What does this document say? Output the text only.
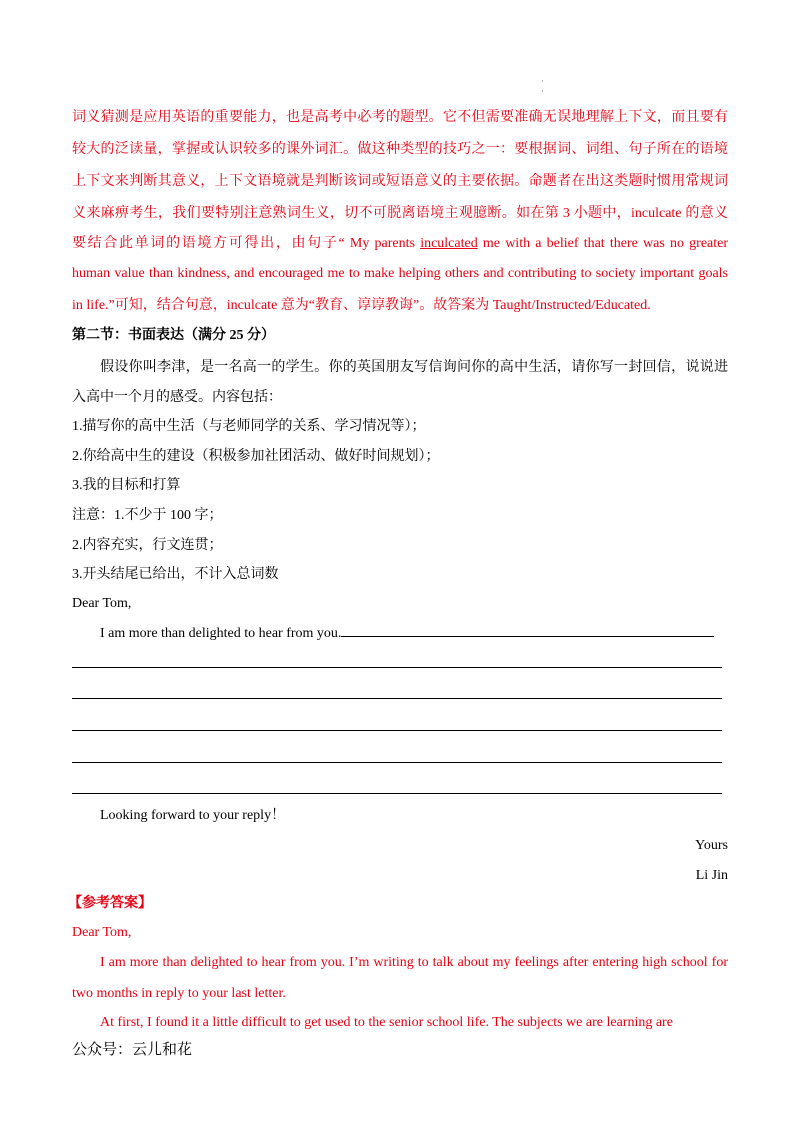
·
·
词义猜测是应用英语的重要能力，也是高考中必考的题型。它不但需要准确无误地理解上下文，而且要有
较大的泛读量，掌握或认识较多的课外词汇。做这种类型的技巧之一：要根据词、词组、句子所在的语境
上下文来判断其意义，上下文语境就是判断该词或短语意义的主要依据。命题者在出这类题时惯用常规词
义来麻痹考生，我们要特别注意熟词生义，切不可脱离语境主观臆断。如在第 3 小题中，inculcate 的意义
要结合此单词的语境方可得出，由句子“ My parents inculcated me with a belief that there was no greater
human value than kindness, and encouraged me to make helping others and contributing to society important goals
in life.”可知，结合句意，inculcate 意为“教育、谆谆教诲”。故答案为 Taught/Instructed/Educated.
第二节：书面表达（满分 25 分）
假设你叫李津，是一名高一的学生。你的英国朋友写信询问你的高中生活，请你写一封回信，说说进
入高中一个月的感受。内容包括：
1.描写你的高中生活（与老师同学的关系、学习情况等）；
2.你给高中生的建设（积极参加社团活动、做好时间规划）；
3.我的目标和打算
注意：1.不少于 100 字；
2.内容充实，行文连贯；
3.开头结尾已给出，不计入总词数
Dear Tom,
I am more than delighted to hear from you.
Looking forward to your reply！
Yours
Li Jin
【参考答案】
Dear Tom,
I am more than delighted to hear from you. I’m writing to talk about my feelings after entering high school for
two months in reply to your last letter.
At first, I found it a little difficult to get used to the senior school life. The subjects we are learning are
公众号：云儿和花
